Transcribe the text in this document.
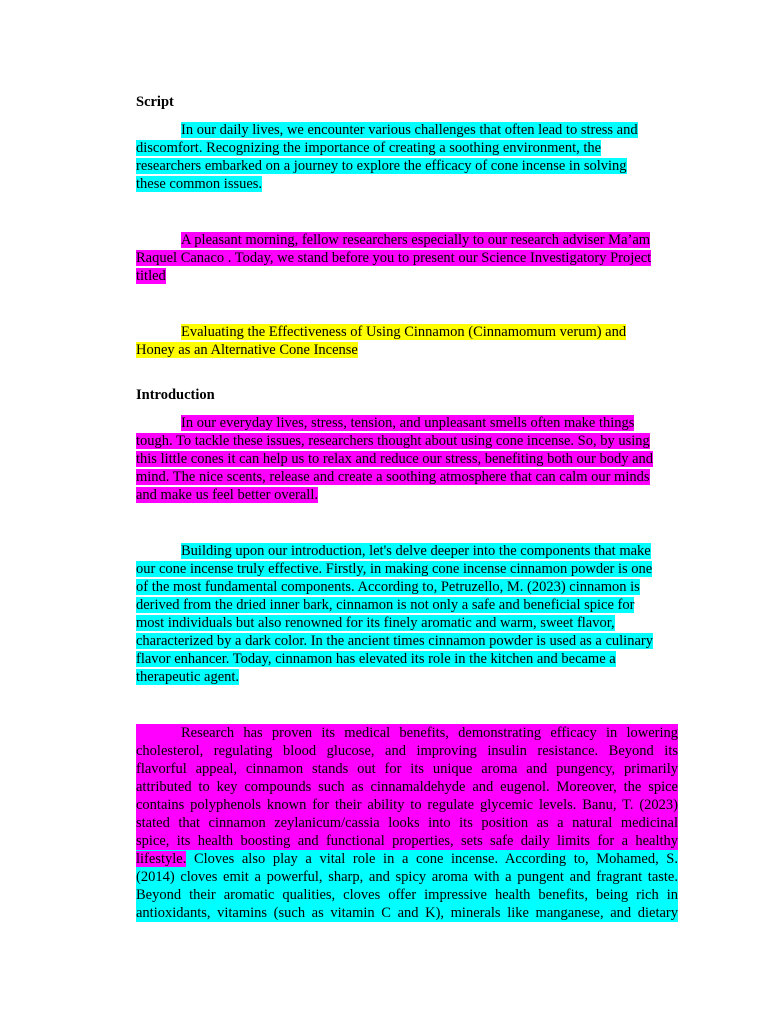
Script
In our daily lives, we encounter various challenges that often lead to stress and
discomfort. Recognizing the importance of creating a soothing environment, the
researchers embarked on a journey to explore the efficacy of cone incense in solving
these common issues.
A pleasant morning, fellow researchers especially to our research adviser Ma’am
Raquel Canaco . Today, we stand before you to present our Science Investigatory Project
titled
Evaluating the Effectiveness of Using Cinnamon (Cinnamomum verum) and
Honey as an Alternative Cone Incense
Introduction
In our everyday lives, stress, tension, and unpleasant smells often make things
tough. To tackle these issues, researchers thought about using cone incense. So, by using
this little cones it can help us to relax and reduce our stress, benefiting both our body and
mind. The nice scents, release and create a soothing atmosphere that can calm our minds
and make us feel better overall.
Building upon our introduction, let's delve deeper into the components that make
our cone incense truly effective. Firstly, in making cone incense cinnamon powder is one
of the most fundamental components. According to, Petruzello, M. (2023) cinnamon is
derived from the dried inner bark, cinnamon is not only a safe and beneficial spice for
most individuals but also renowned for its finely aromatic and warm, sweet flavor,
characterized by a dark color. In the ancient times cinnamon powder is used as a culinary
flavor enhancer. Today, cinnamon has elevated its role in the kitchen and became a
therapeutic agent.
Research has proven its medical benefits, demonstrating efficacy in lowering
cholesterol, regulating blood glucose, and improving insulin resistance. Beyond its
flavorful appeal, cinnamon stands out for its unique aroma and pungency, primarily
attributed to key compounds such as cinnamaldehyde and eugenol. Moreover, the spice
contains polyphenols known for their ability to regulate glycemic levels. Banu, T. (2023)
stated that cinnamon zeylanicum/cassia looks into its position as a natural medicinal
spice, its health boosting and functional properties, sets safe daily limits for a healthy
lifestyle. Cloves also play a vital role in a cone incense. According to, Mohamed, S.
(2014) cloves emit a powerful, sharp, and spicy aroma with a pungent and fragrant taste.
Beyond their aromatic qualities, cloves offer impressive health benefits, being rich in
antioxidants, vitamins (such as vitamin C and K), minerals like manganese, and dietary
